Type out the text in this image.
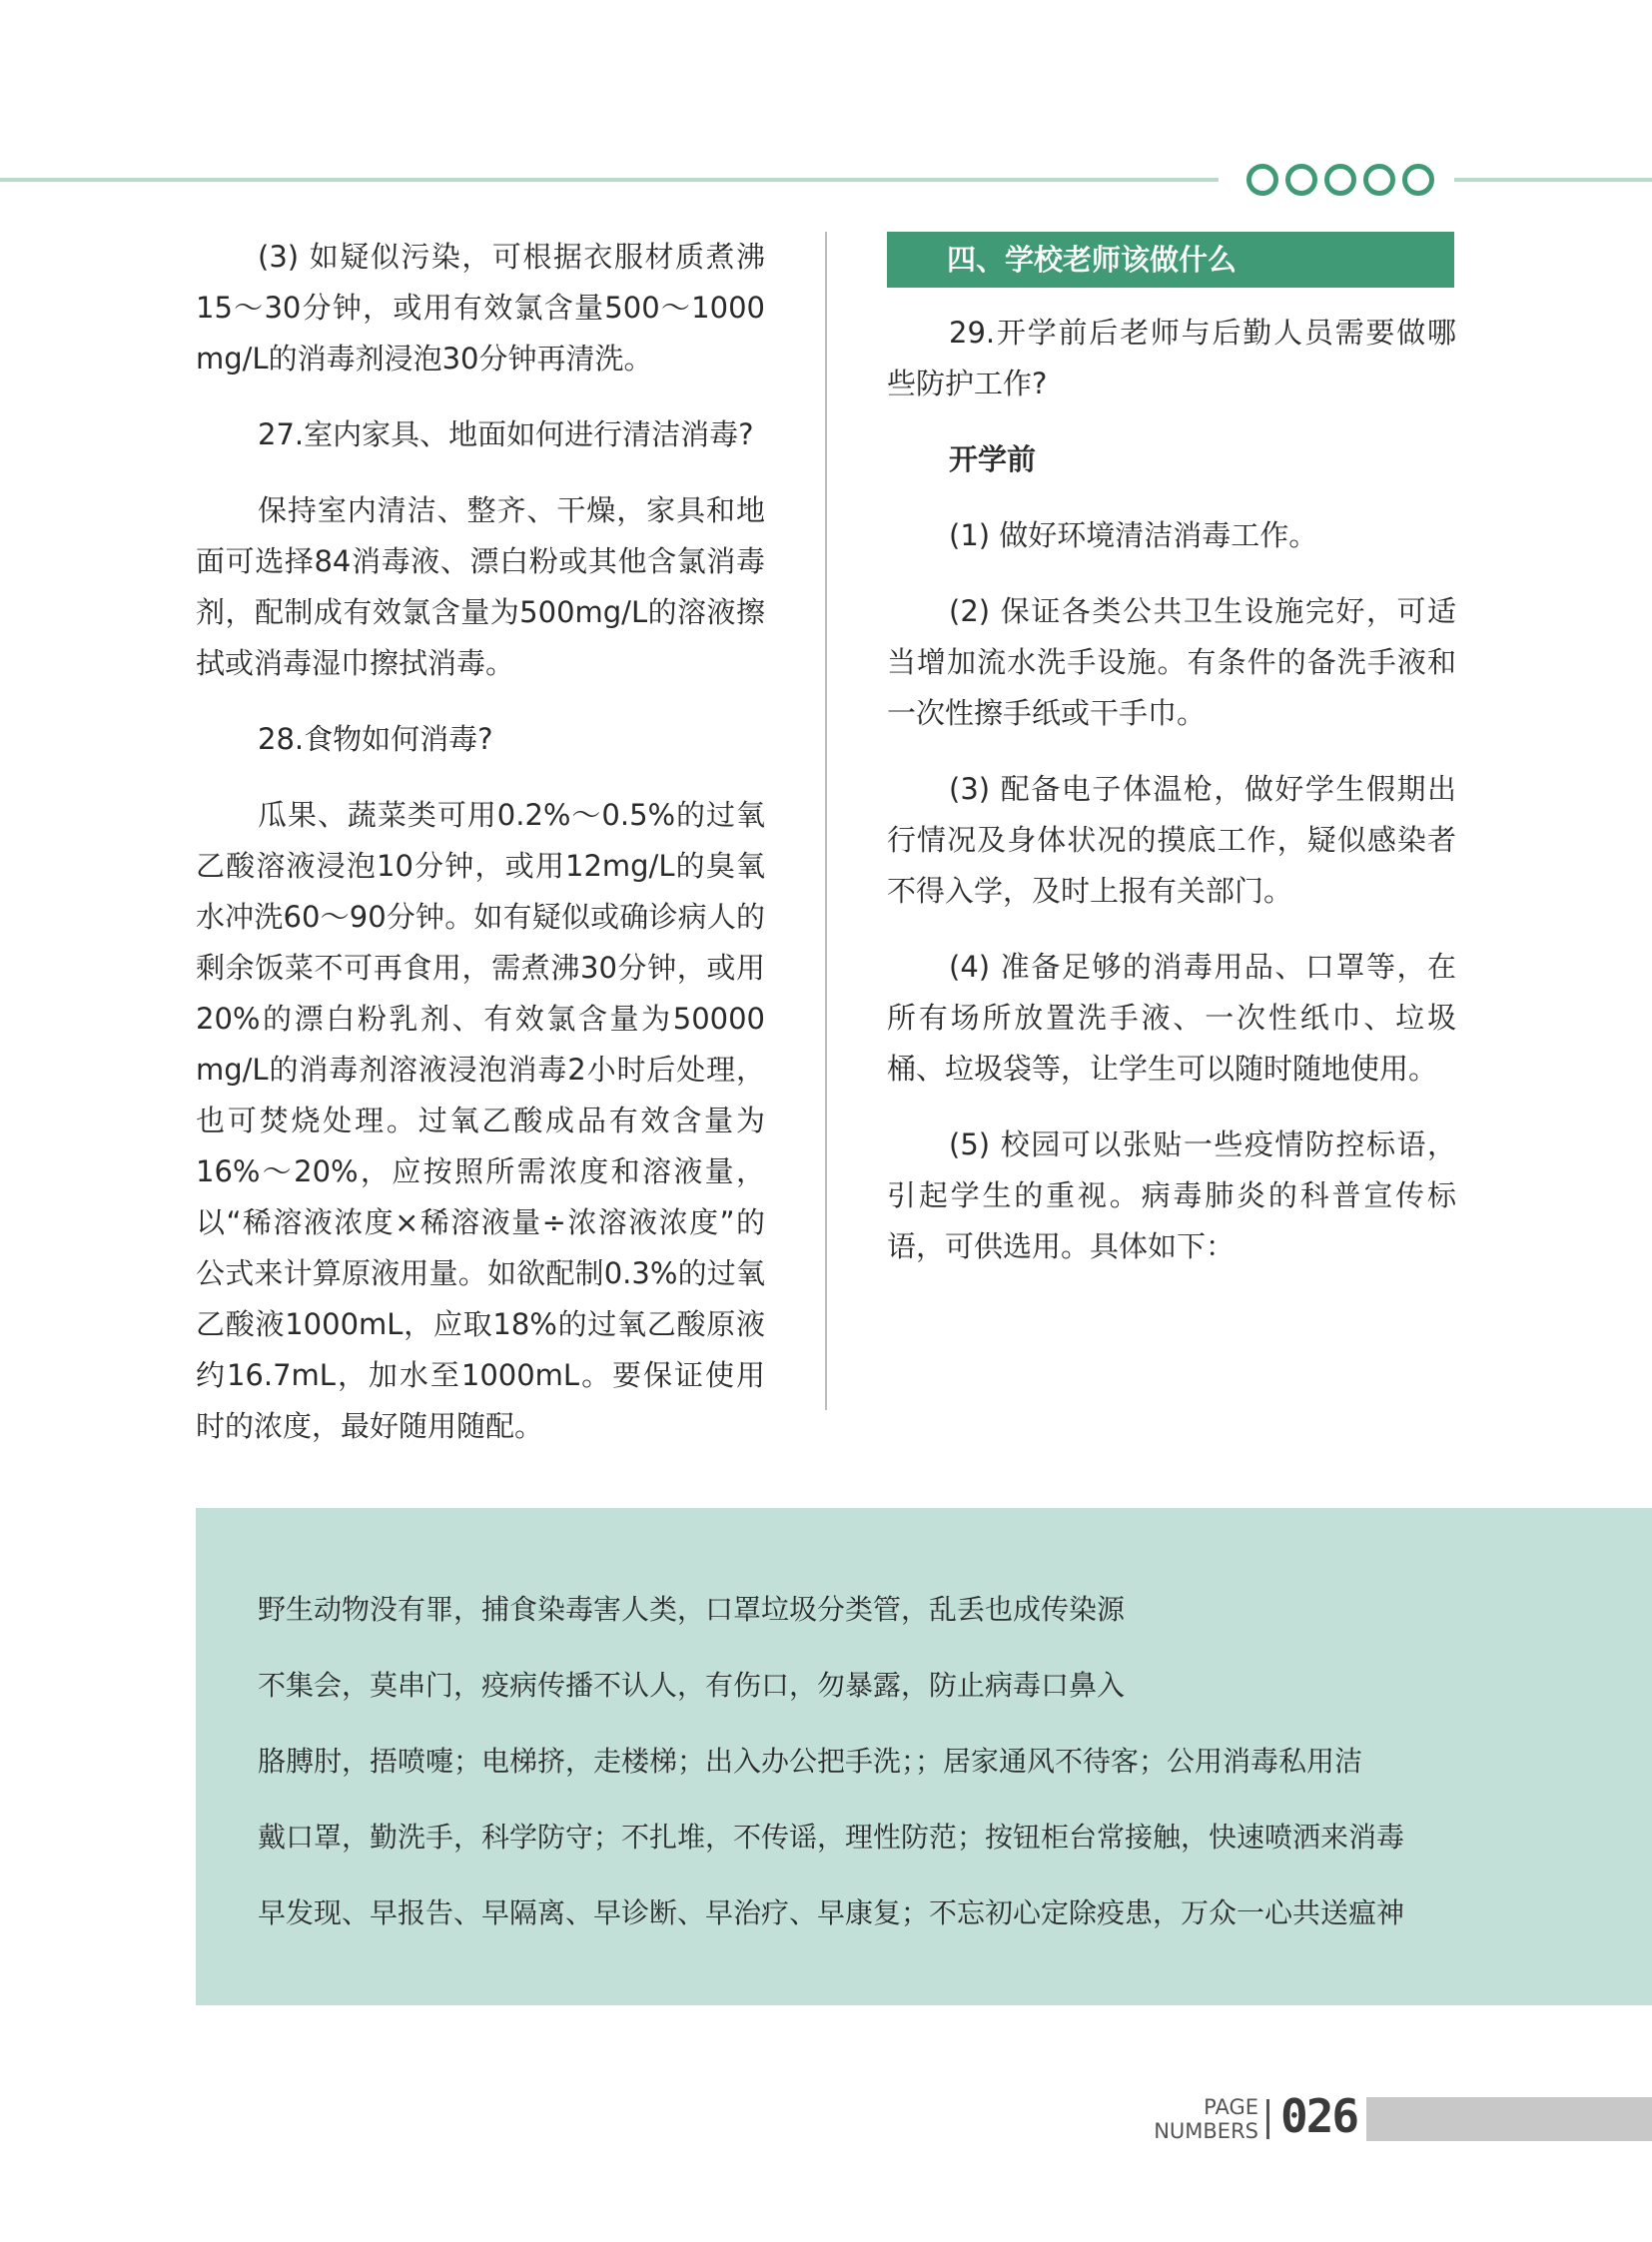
(3) 如疑似污染，可根据衣服材质煮沸15～30分钟，或用有效氯含量500～1000 mg/L的消毒剂浸泡30分钟再清洗。

27.室内家具、地面如何进行清洁消毒?

保持室内清洁、整齐、干燥，家具和地面可选择84消毒液、漂白粉或其他含氯消毒剂，配制成有效氯含量为500mg/L的溶液擦拭或消毒湿巾擦拭消毒。

28.食物如何消毒?

瓜果、蔬菜类可用0.2%～0.5%的过氧乙酸溶液浸泡10分钟，或用12mg/L的臭氧水冲洗60～90分钟。如有疑似或确诊病人的剩余饭菜不可再食用，需煮沸30分钟，或用20%的漂白粉乳剂、有效氯含量为50000 mg/L的消毒剂溶液浸泡消毒2小时后处理，也可焚烧处理。过氧乙酸成品有效含量为16%～20%，应按照所需浓度和溶液量，以“稀溶液浓度×稀溶液量÷浓溶液浓度”的公式来计算原液用量。如欲配制0.3%的过氧乙酸液1000mL，应取18%的过氧乙酸原液约16.7mL，加水至1000mL。要保证使用时的浓度，最好随用随配。

四、学校老师该做什么

29.开学前后老师与后勤人员需要做哪些防护工作?

开学前

(1) 做好环境清洁消毒工作。

(2) 保证各类公共卫生设施完好，可适当增加流水洗手设施。有条件的备洗手液和一次性擦手纸或干手巾。

(3) 配备电子体温枪，做好学生假期出行情况及身体状况的摸底工作，疑似感染者不得入学，及时上报有关部门。

(4) 准备足够的消毒用品、口罩等，在所有场所放置洗手液、一次性纸巾、垃圾桶、垃圾袋等，让学生可以随时随地使用。

(5) 校园可以张贴一些疫情防控标语，引起学生的重视。病毒肺炎的科普宣传标语，可供选用。具体如下：

野生动物没有罪，捕食染毒害人类，口罩垃圾分类管，乱丢也成传染源
不集会，莫串门，疫病传播不认人，有伤口，勿暴露，防止病毒口鼻入
胳膊肘，捂喷嚏；电梯挤，走楼梯；出入办公把手洗；；居家通风不待客；公用消毒私用洁
戴口罩，勤洗手，科学防守；不扎堆，不传谣，理性防范；按钮柜台常接触，快速喷洒来消毒
早发现、早报告、早隔离、早诊断、早治疗、早康复；不忘初心定除疫患，万众一心共送瘟神
PAGE
NUMBERS 026
